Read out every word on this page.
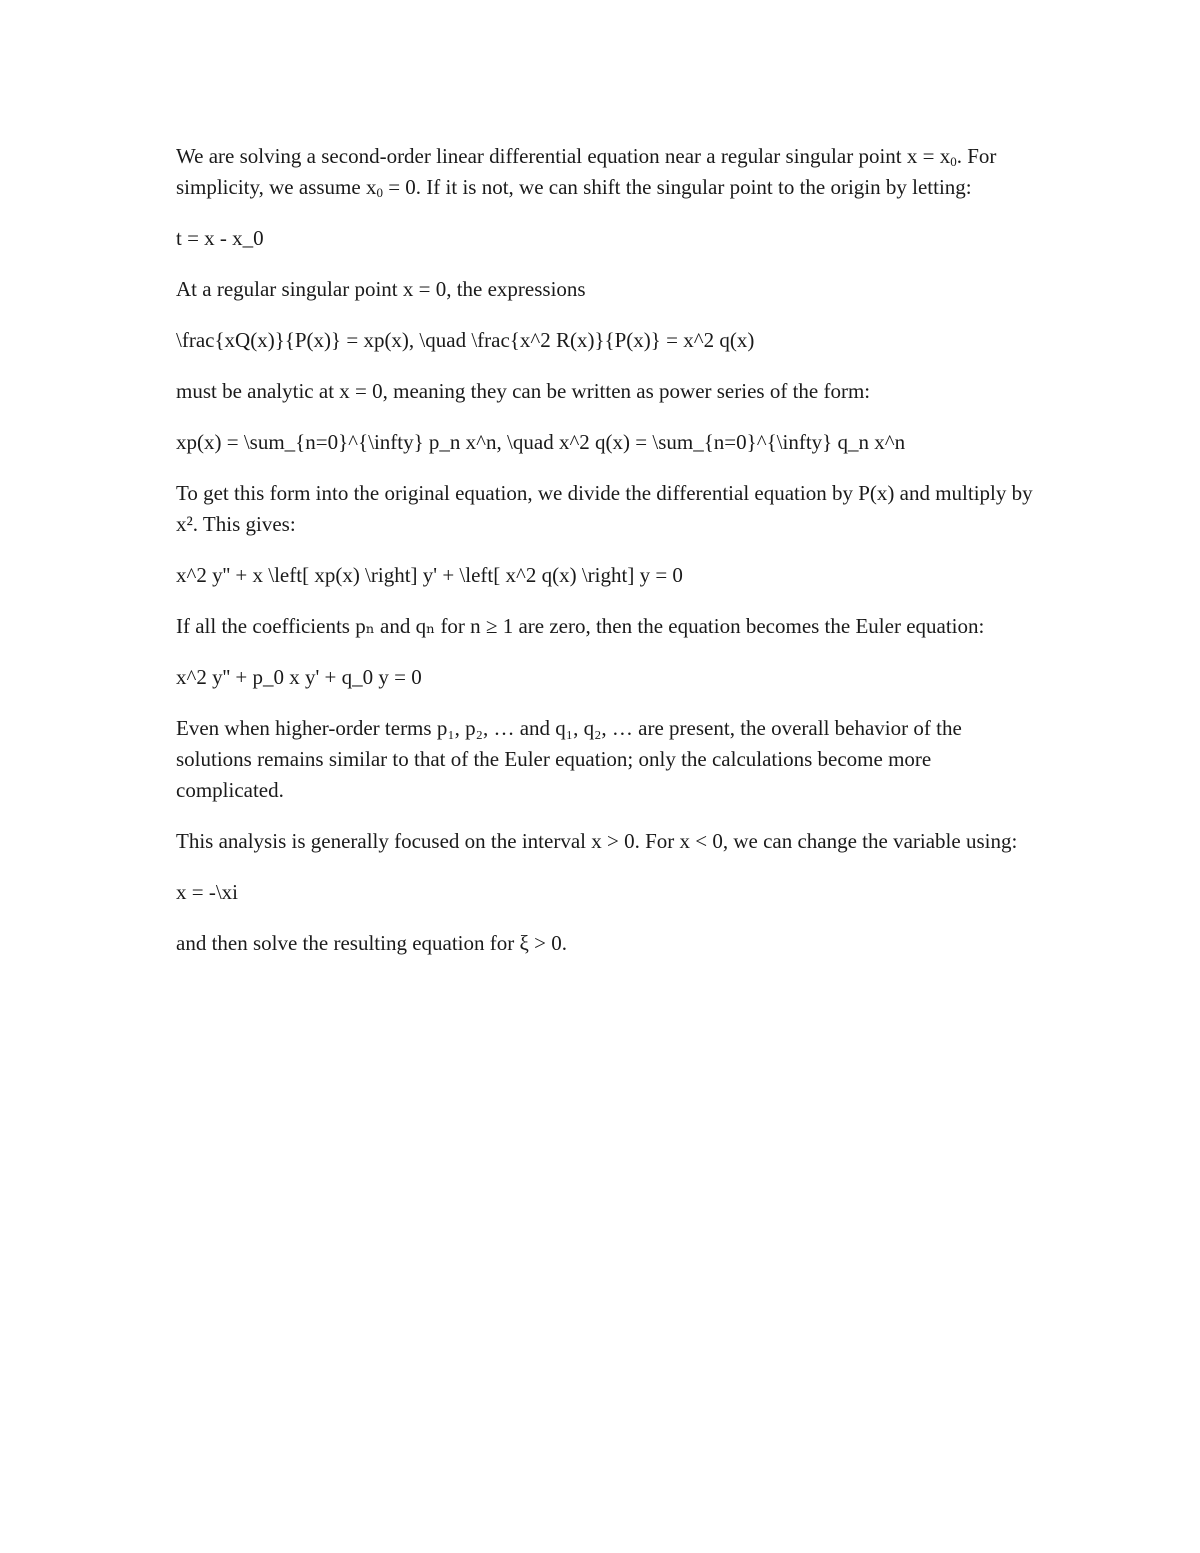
We are solving a second-order linear differential equation near a regular singular point $x = x_0$. For simplicity, we assume $x_0 = 0$. If it is not, we can shift the singular point to the origin by letting:

t = x - x_0

At a regular singular point x = 0, the expressions

\frac{xQ(x)}{P(x)} = xp(x), \quad \frac{x^2 R(x)}{P(x)} = x^2 q(x)

must be analytic at x = 0, meaning they can be written as power series of the form:

xp(x) = \sum_{n=0}^{\infty} p_n x^n, \quad x^2 q(x) = \sum_{n=0}^{\infty} q_n x^n

To get this form into the original equation, we divide the differential equation by P(x) and multiply by x². This gives:

x^2 y'' + x \left[ xp(x) \right] y' + \left[ x^2 q(x) \right] y = 0

If all the coefficients pₙ and qₙ for n ≥ 1 are zero, then the equation becomes the Euler equation:

x^2 y'' + p_0 x y' + q_0 y = 0

Even when higher-order terms p₁, p₂, … and q₁, q₂, … are present, the overall behavior of the solutions remains similar to that of the Euler equation; only the calculations become more complicated.

This analysis is generally focused on the interval x > 0. For x < 0, we can change the variable using:

x = -\xi

and then solve the resulting equation for ξ > 0.
